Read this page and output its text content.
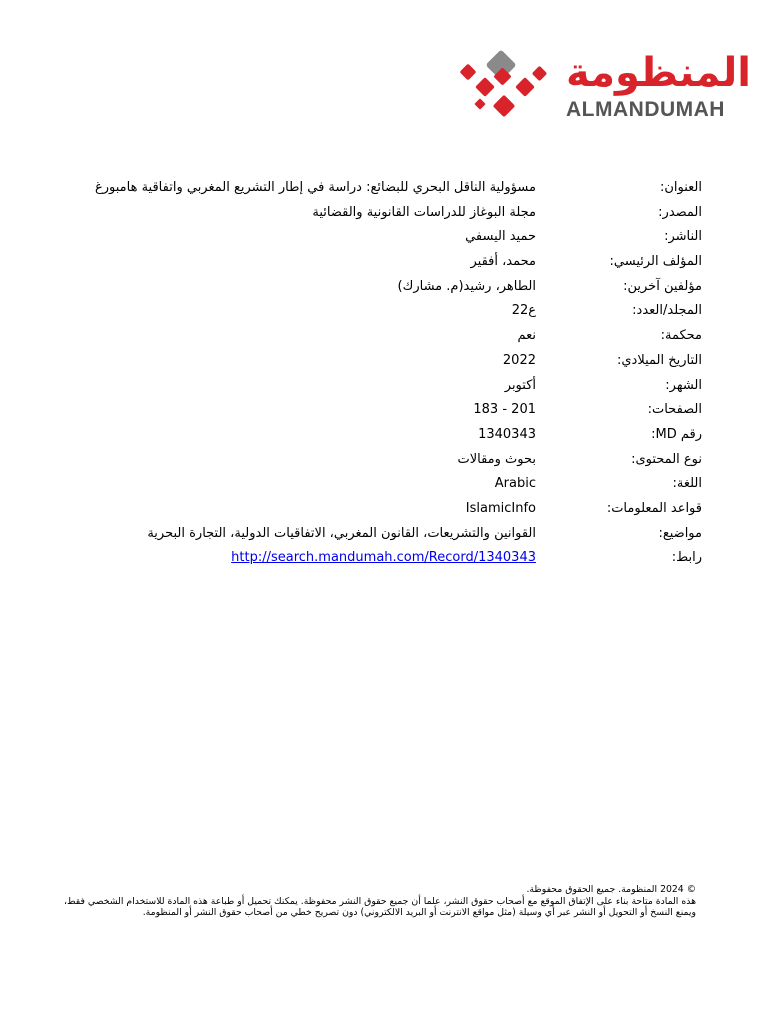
المنظومة
ALMANDUMAH
العنوان:
مسؤولية الناقل البحري للبضائع: دراسة في إطار التشريع المغربي واتفاقية هامبورغ
المصدر:
مجلة البوغاز للدراسات القانونية والقضائية
الناشر:
حميد اليسفي
المؤلف الرئيسي:
محمد، أفقير
مؤلفين آخرين:
الطاهر، رشيد(م. مشارك)
المجلد/العدد:
ع22
محكمة:
نعم
التاريخ الميلادي:
2022
الشهر:
أكتوبر
الصفحات:
201 - 183
رقم MD:
1340343
نوع المحتوى:
بحوث ومقالات
اللغة:
Arabic
قواعد المعلومات:
IslamicInfo
مواضيع:
القوانين والتشريعات، القانون المغربي، الاتفاقيات الدولية، التجارة البحرية
رابط:
http://search.mandumah.com/Record/1340343

© 2024 المنظومة. جميع الحقوق محفوظة.

هذه المادة متاحة بناء على الإتفاق الموقع مع أصحاب حقوق النشر، علما أن جميع حقوق النشر محفوظة. يمكنك تحميل أو طباعة هذه المادة للاستخدام الشخصي فقط، ويمنع النسخ أو التحويل أو النشر عبر أي وسيلة (مثل مواقع الانترنت أو البريد الالكتروني) دون تصريح خطي من أصحاب حقوق النشر أو المنظومة.
